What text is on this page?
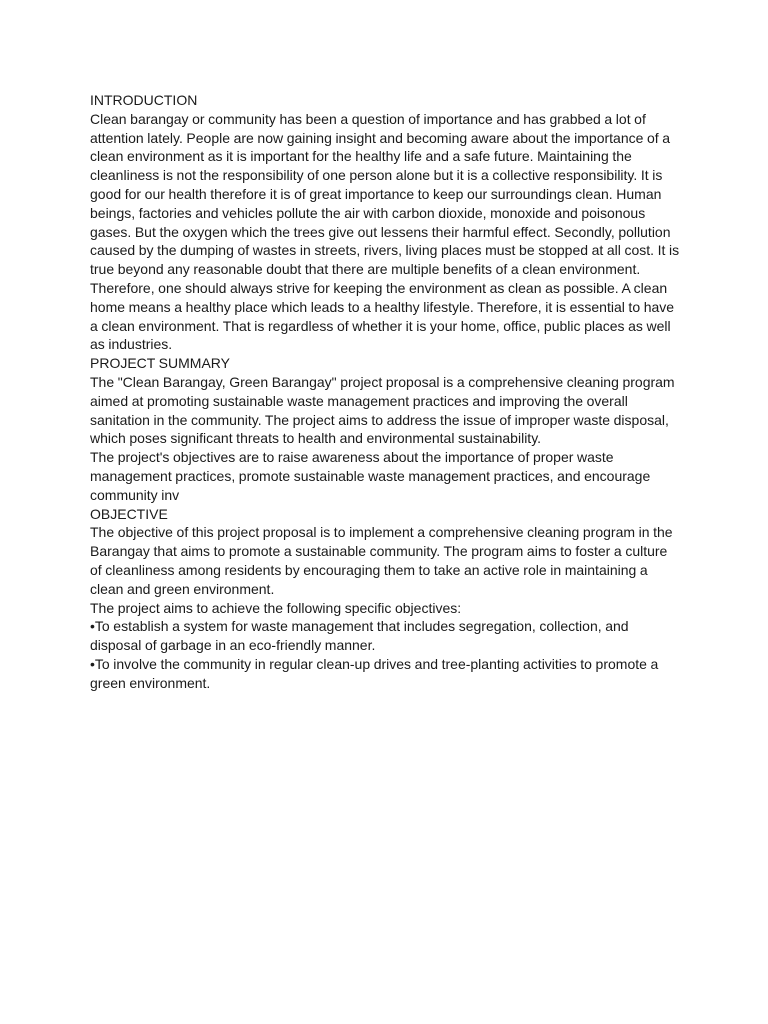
INTRODUCTION

Clean barangay or community has been a question of importance and has grabbed a lot of attention lately. People are now gaining insight and becoming aware about the importance of a clean environment as it is important for the healthy life and a safe future. Maintaining the cleanliness is not the responsibility of one person alone but it is a collective responsibility. It is good for our health therefore it is of great importance to keep our surroundings clean. Human beings, factories and vehicles pollute the air with carbon dioxide, monoxide and poisonous gases. But the oxygen which the trees give out lessens their harmful effect. Secondly, pollution caused by the dumping of wastes in streets, rivers, living places must be stopped at all cost. It is true beyond any reasonable doubt that there are multiple benefits of a clean environment. Therefore, one should always strive for keeping the environment as clean as possible. A clean home means a healthy place which leads to a healthy lifestyle. Therefore, it is essential to have a clean environment. That is regardless of whether it is your home, office, public places as well as industries.

PROJECT SUMMARY

The "Clean Barangay, Green Barangay" project proposal is a comprehensive cleaning program aimed at promoting sustainable waste management practices and improving the overall sanitation in the community. The project aims to address the issue of improper waste disposal, which poses significant threats to health and environmental sustainability.

The project's objectives are to raise awareness about the importance of proper waste management practices, promote sustainable waste management practices, and encourage community inv

OBJECTIVE

The objective of this project proposal is to implement a comprehensive cleaning program in the Barangay that aims to promote a sustainable community. The program aims to foster a culture of cleanliness among residents by encouraging them to take an active role in maintaining a clean and green environment.

The project aims to achieve the following specific objectives:

•To establish a system for waste management that includes segregation, collection, and disposal of garbage in an eco-friendly manner.

•To involve the community in regular clean-up drives and tree-planting activities to promote a green environment.
